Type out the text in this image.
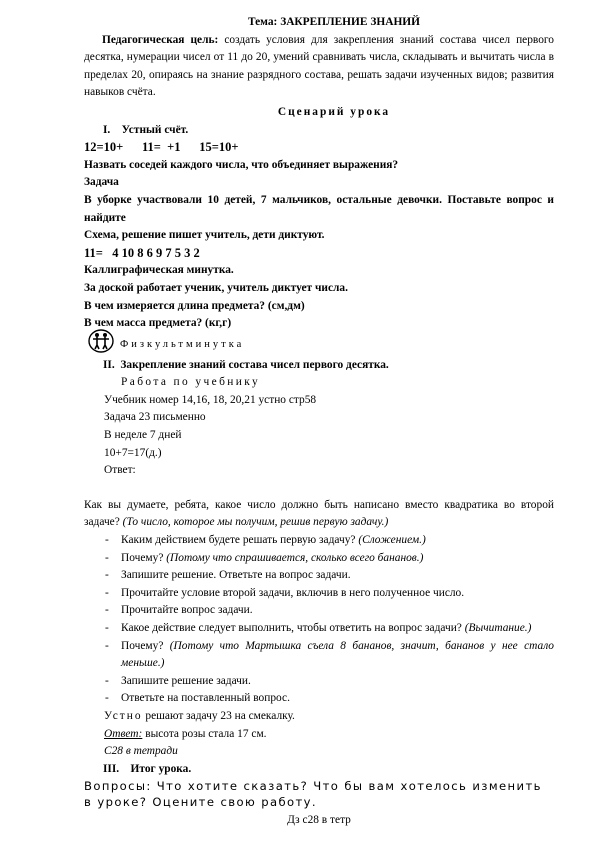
Тема: ЗАКРЕПЛЕНИЕ ЗНАНИЙ
Педагогическая цель: создать условия для закрепления знаний состава чисел первого десятка, нумерации чисел от 11 до 20, умений сравнивать числа, складывать и вычитать числа в пределах 20, опираясь на знание разрядного состава, решать задачи изученных видов; развития навыков счёта.
Сценарий урока
I. Устный счёт.
12=10+      11=  +1      15=10+
Назвать соседей каждого числа, что объединяет выражения?
Задача
В уборке участвовали 10 детей, 7 мальчиков, остальные девочки. Поставьте вопрос и найдите
Схема, решение пишет учитель, дети диктуют.
11=   4 10 8 6 9 7 5 3 2
Каллиграфическая минутка.
За доской работает ученик, учитель диктует числа.
В чем измеряется длина предмета? (см,дм)
В чем масса предмета? (кг,г)
Физкультминутка
II. Закрепление знаний состава чисел первого десятка.
Работа по учебнику
Учебник номер 14,16, 18, 20,21 устно стр58
Задача 23 письменно
В неделе 7 дней
10+7=17(д.)
Ответ:
Как вы думаете, ребята, какое число должно быть написано вместо квадратика во второй задаче? (То число, которое мы получим, решив первую задачу.)
- Каким действием будете решать первую задачу? (Сложением.)
- Почему? (Потому что спрашивается, сколько всего бананов.)
- Запишите решение. Ответьте на вопрос задачи.
- Прочитайте условие второй задачи, включив в него полученное число.
- Прочитайте вопрос задачи.
- Какое действие следует выполнить, чтобы ответить на вопрос задачи? (Вычитание.)
- Почему? (Потому что Мартышка съела 8 бананов, значит, бананов у нее стало меньше.)
- Запишите решение задачи.
- Ответьте на поставленный вопрос.
Устно решают задачу 23 на смекалку.
Ответ: высота розы стала 17 см.
С28 в тетради
III. Итог урока.
Вопросы: Что хотите сказать? Что бы вам хотелось изменить в уроке? Оцените свою работу.
Дз с28 в тетр
